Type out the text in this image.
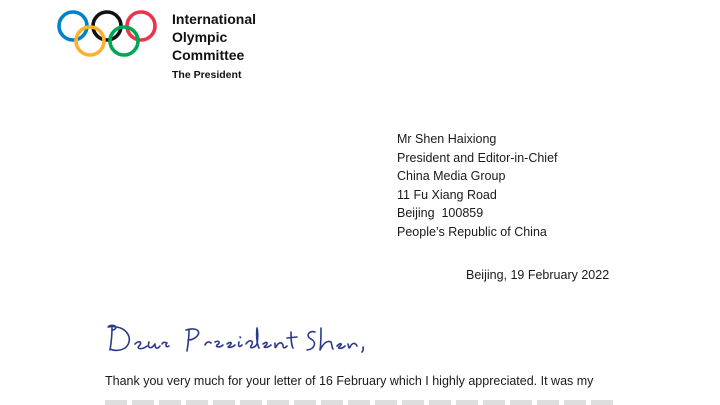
International
Olympic
Committee
The President
Mr Shen Haixiong
President and Editor-in-Chief
China Media Group
11 Fu Xiang Road
Beijing  100859
People’s Republic of China
Beijing, 19 February 2022
Thank you very much for your letter of 16 February which I highly appreciated. It was my
